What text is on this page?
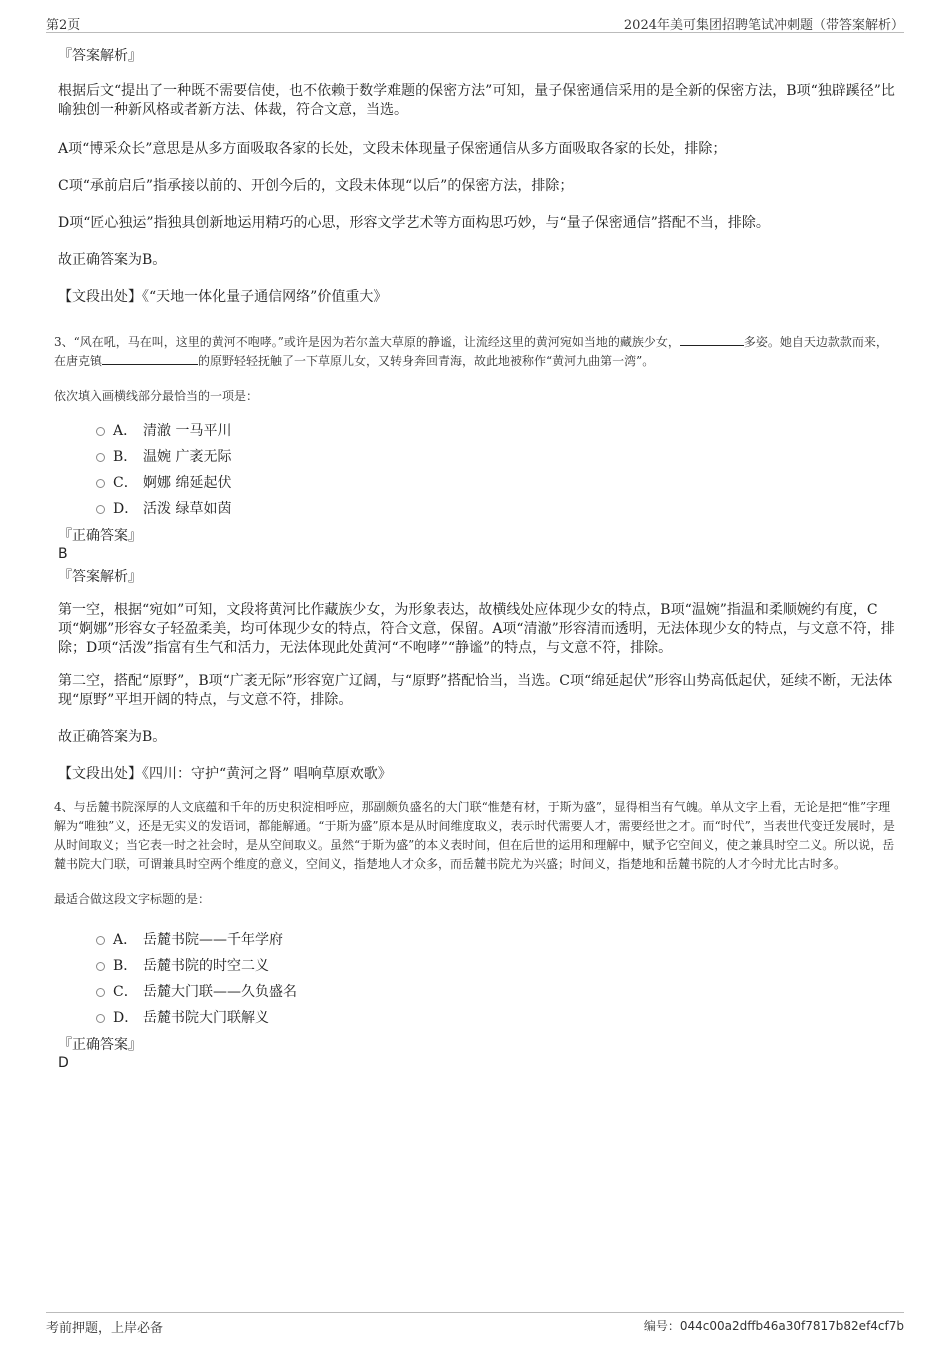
第2页	2024年美可集团招聘笔试冲刺题（带答案解析）
『答案解析』

根据后文“提出了一种既不需要信使，也不依赖于数学难题的保密方法”可知，量子保密通信采用的是全新的保密方法，B项“独辟蹊径”比喻独创一种新风格或者新方法、体裁，符合文意，当选。

A项“博采众长”意思是从多方面吸取各家的长处，文段未体现量子保密通信从多方面吸取各家的长处，排除；

C项“承前启后”指承接以前的、开创今后的，文段未体现“以后”的保密方法，排除；

D项“匠心独运”指独具创新地运用精巧的心思，形容文学艺术等方面构思巧妙，与“量子保密通信”搭配不当，排除。

故正确答案为B。

【文段出处】《“天地一体化量子通信网络”价值重大》

3、“风在吼，马在叫，这里的黄河不咆哮。”或许是因为若尔盖大草原的静谧，让流经这里的黄河宛如当地的藏族少女，	多姿。她自天边款款而来，在唐克镇	的原野轻轻抚触了一下草原儿女，又转身奔回青海，故此地被称作“黄河九曲第一湾”。

依次填入画横线部分最恰当的一项是：

A． 清澈 一马平川
B． 温婉 广袤无际
C． 婀娜 绵延起伏
D． 活泼 绿草如茵
『正确答案』
B
『答案解析』

第一空，根据“宛如”可知，文段将黄河比作藏族少女，为形象表达，故横线处应体现少女的特点，B项“温婉”指温和柔顺婉约有度，C项“婀娜”形容女子轻盈柔美，均可体现少女的特点，符合文意，保留。A项“清澈”形容清而透明，无法体现少女的特点，与文意不符，排除；D项“活泼”指富有生气和活力，无法体现此处黄河“不咆哮”“静谧”的特点，与文意不符，排除。

第二空，搭配“原野”，B项“广袤无际”形容宽广辽阔，与“原野”搭配恰当，当选。C项“绵延起伏”形容山势高低起伏，延续不断，无法体现“原野”平坦开阔的特点，与文意不符，排除。

故正确答案为B。

【文段出处】《四川：守护“黄河之肾” 唱响草原欢歌》

4、与岳麓书院深厚的人文底蕴和千年的历史积淀相呼应，那副颇负盛名的大门联“惟楚有材，于斯为盛”，显得相当有气魄。单从文字上看，无论是把“惟”字理解为“唯独”义，还是无实义的发语词，都能解通。“于斯为盛”原本是从时间维度取义，表示时代需要人才，需要经世之才。而“时代”，当表世代变迁发展时，是从时间取义；当它表一时之社会时，是从空间取义。虽然“于斯为盛”的本义表时间，但在后世的运用和理解中，赋予它空间义，使之兼具时空二义。所以说，岳麓书院大门联，可谓兼具时空两个维度的意义，空间义，指楚地人才众多，而岳麓书院尤为兴盛；时间义，指楚地和岳麓书院的人才今时尤比古时多。

最适合做这段文字标题的是：

A． 岳麓书院——千年学府
B． 岳麓书院的时空二义
C． 岳麓大门联——久负盛名
D． 岳麓书院大门联解义
『正确答案』
D
考前押题，上岸必备	编号：044c00a2dffb46a30f7817b82ef4cf7b
